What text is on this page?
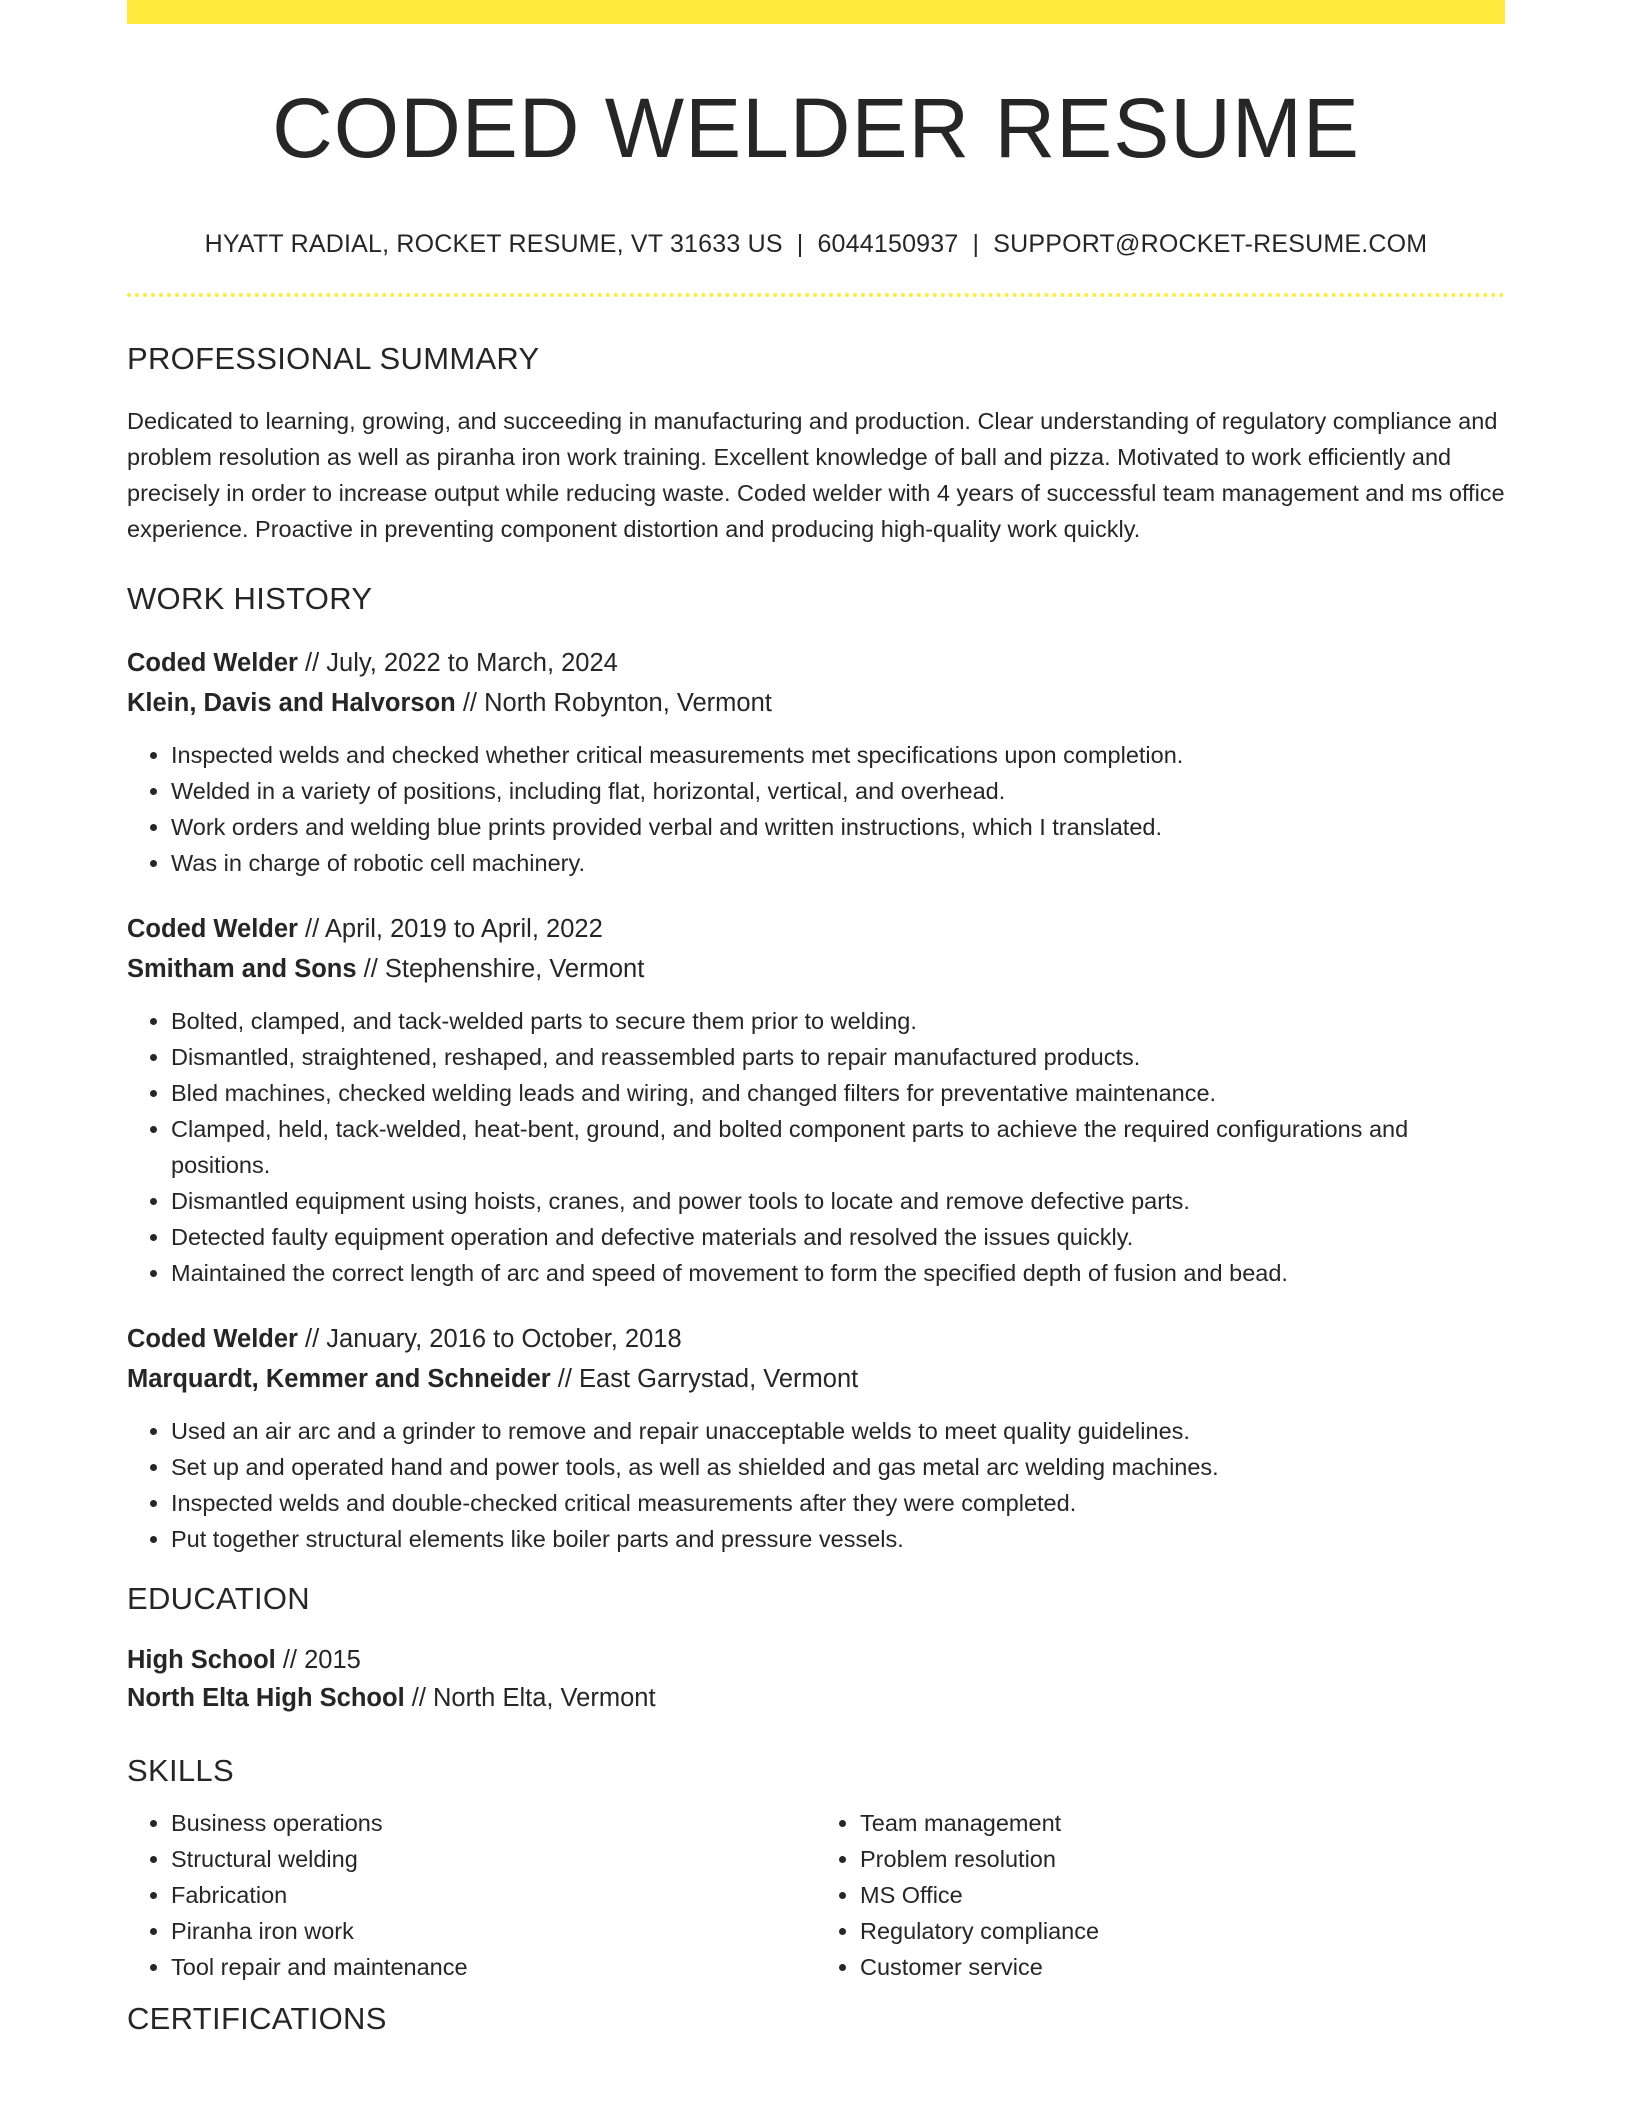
CODED WELDER RESUME
HYATT RADIAL, ROCKET RESUME, VT 31633 US | 6044150937 | SUPPORT@ROCKET-RESUME.COM
PROFESSIONAL SUMMARY
Dedicated to learning, growing, and succeeding in manufacturing and production. Clear understanding of regulatory compliance and problem resolution as well as piranha iron work training. Excellent knowledge of ball and pizza. Motivated to work efficiently and precisely in order to increase output while reducing waste. Coded welder with 4 years of successful team management and ms office experience. Proactive in preventing component distortion and producing high-quality work quickly.
WORK HISTORY
Coded Welder // July, 2022 to March, 2024
Klein, Davis and Halvorson // North Robynton, Vermont
• Inspected welds and checked whether critical measurements met specifications upon completion.
• Welded in a variety of positions, including flat, horizontal, vertical, and overhead.
• Work orders and welding blue prints provided verbal and written instructions, which I translated.
• Was in charge of robotic cell machinery.
Coded Welder // April, 2019 to April, 2022
Smitham and Sons // Stephenshire, Vermont
• Bolted, clamped, and tack-welded parts to secure them prior to welding.
• Dismantled, straightened, reshaped, and reassembled parts to repair manufactured products.
• Bled machines, checked welding leads and wiring, and changed filters for preventative maintenance.
• Clamped, held, tack-welded, heat-bent, ground, and bolted component parts to achieve the required configurations and positions.
• Dismantled equipment using hoists, cranes, and power tools to locate and remove defective parts.
• Detected faulty equipment operation and defective materials and resolved the issues quickly.
• Maintained the correct length of arc and speed of movement to form the specified depth of fusion and bead.
Coded Welder // January, 2016 to October, 2018
Marquardt, Kemmer and Schneider // East Garrystad, Vermont
• Used an air arc and a grinder to remove and repair unacceptable welds to meet quality guidelines.
• Set up and operated hand and power tools, as well as shielded and gas metal arc welding machines.
• Inspected welds and double-checked critical measurements after they were completed.
• Put together structural elements like boiler parts and pressure vessels.
EDUCATION
High School // 2015
North Elta High School // North Elta, Vermont
SKILLS
• Business operations
• Structural welding
• Fabrication
• Piranha iron work
• Tool repair and maintenance
• Team management
• Problem resolution
• MS Office
• Regulatory compliance
• Customer service
CERTIFICATIONS
